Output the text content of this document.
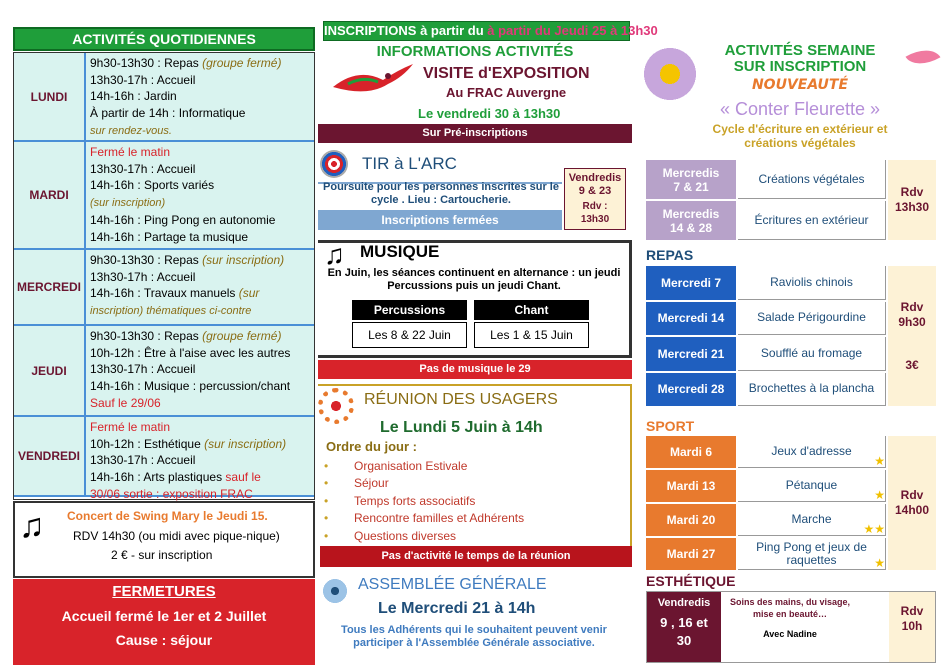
ACTIVITÉS QUOTIDIENNES
LUNDI
9h30-13h30 : Repas (groupe fermé)
13h30-17h : Accueil
14h-16h : Jardin
À partir de 14h : Informatique
sur rendez-vous.
MARDI
Fermé le matin
13h30-17h : Accueil
14h-16h : Sports variés
(sur inscription)
14h-16h : Ping Pong en autonomie
14h-16h : Partage ta musique
MERCREDI
9h30-13h30 : Repas (sur inscription)
13h30-17h : Accueil
14h-16h : Travaux manuels (sur
inscription) thématiques ci-contre
JEUDI
9h30-13h30 : Repas (groupe fermé)
10h-12h : Être à l'aise avec les autres
13h30-17h : Accueil
14h-16h : Musique : percussion/chant
Sauf le 29/06
VENDREDI
Fermé le matin
10h-12h : Esthétique (sur inscription)
13h30-17h : Accueil
14h-16h : Arts plastiques sauf le
30/06 sortie : exposition FRAC
♫ Concert de Swing Mary le Jeudi 15.
RDV 14h30 (ou midi avec pique-nique)
2 € - sur inscription
FERMETURES
Accueil fermé le 1er et 2 Juillet
Cause : séjour
INSCRIPTIONS à partir du à partir du Jeudi 25 à 13h30
INFORMATIONS ACTIVITÉS
VISITE d'EXPOSITION
Au FRAC Auvergne
Le vendredi 30 à 13h30
Sur Pré-inscriptions
TIR à L'ARC
Poursuite pour les personnes inscrites sur le cycle . Lieu : Cartoucherie.
Inscriptions fermées
Vendredis
9 & 23
Rdv :
13h30
♫ MUSIQUE
En Juin, les séances continuent en alternance : un jeudi Percussions puis un jeudi Chant.
Percussions	Chant
Les 8 & 22 Juin	Les 1 & 15 Juin
Pas de musique le 29
RÉUNION DES USAGERS
Le Lundi 5 Juin à 14h
Ordre du jour :
• Organisation Estivale
• Séjour
• Temps forts associatifs
• Rencontre familles et Adhérents
• Questions diverses
Pas d'activité le temps de la réunion
ASSEMBLÉE GÉNÉRALE
Le Mercredi 21 à 14h
Tous les Adhérents qui le souhaitent peuvent venir participer à l'Assemblée Générale associative.
ACTIVITÉS SEMAINE
SUR INSCRIPTION
NOUVEAUTÉ
« Conter Fleurette »
Cycle d'écriture en extérieur et créations végétales
Mercredis
7 & 21
Créations végétales
Mercredis
14 & 28
Écritures en extérieur
Rdv
13h30
REPAS
Mercredi 7	Raviolis chinois
Mercredi 14	Salade Périgourdine
Mercredi 21	Soufflé au fromage
Mercredi 28 Brochettes à la plancha
Rdv
9h30
3€
SPORT
Mardi 6	Jeux d'adresse
★
Mardi 13	Pétanque
★
Mardi 20	Marche
★★
Mardi 27
Ping Pong et jeux de raquettes	★
Rdv
14h00
ESTHÉTIQUE
Vendredis
9 , 16 et
30
Soins des mains, du visage, mise en beauté…
Avec Nadine
Rdv
10h
